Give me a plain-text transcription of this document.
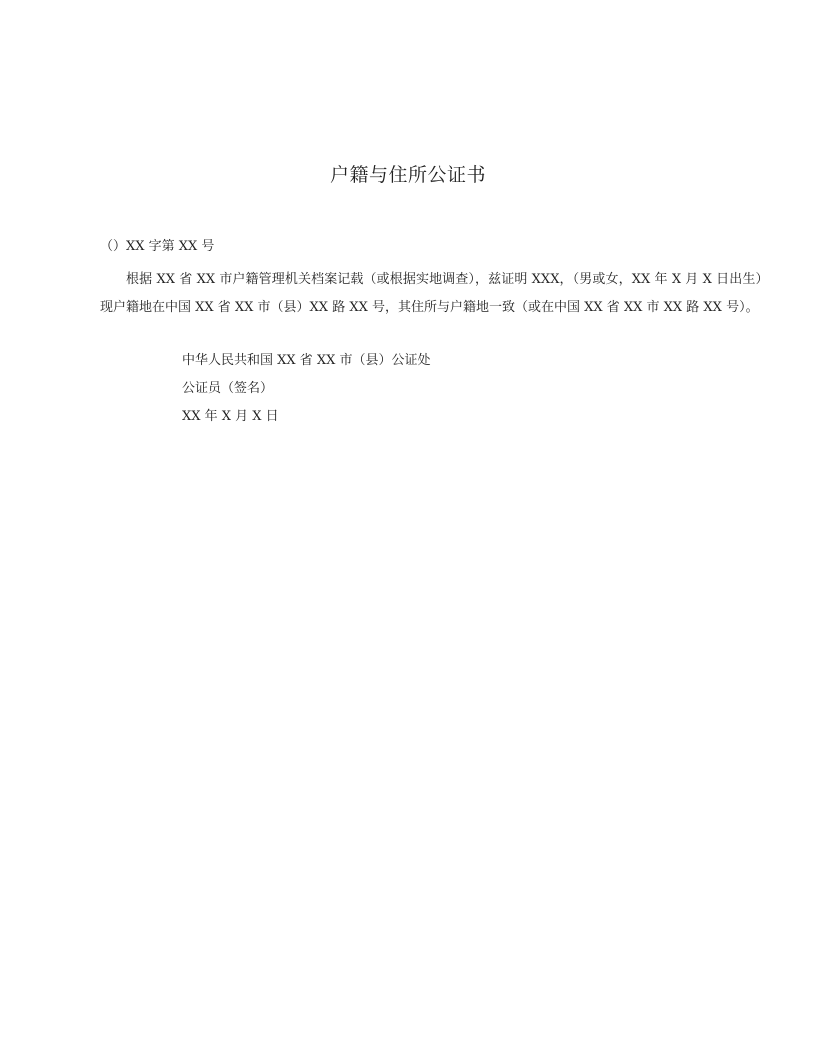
户籍与住所公证书
（）XX 字第 XX 号
根据 XX 省 XX 市户籍管理机关档案记载（或根据实地调查），兹证明 XXX，（男或女，XX 年 X 月 X 日出生）现户籍地在中国 XX 省 XX 市（县）XX 路 XX 号，其住所与户籍地一致（或在中国 XX 省 XX 市 XX 路 XX 号）。
中华人民共和国 XX 省 XX 市（县）公证处
公证员（签名）
XX 年 X 月 X 日
